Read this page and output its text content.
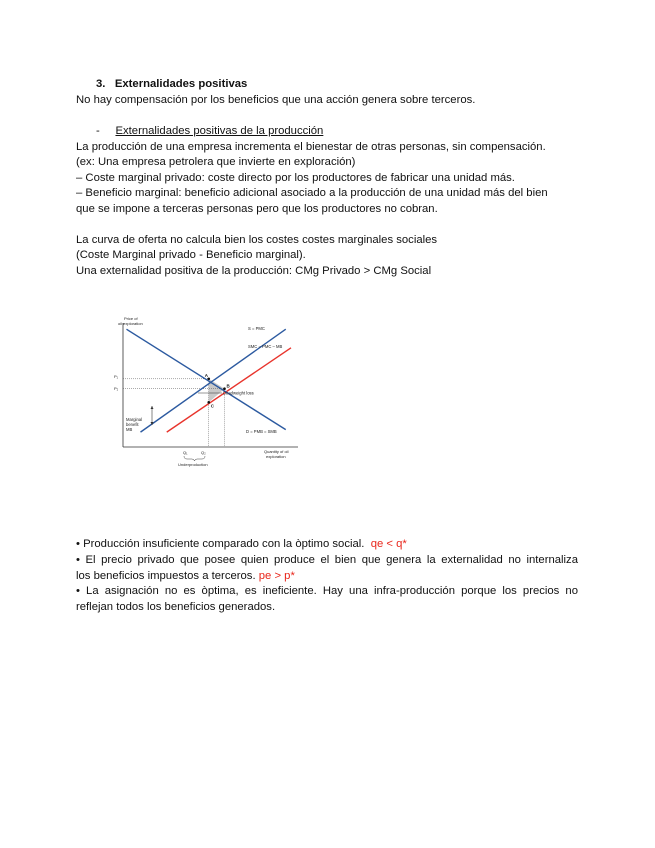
3. Externalidades positivas
No hay compensación por los beneficios que una acción genera sobre terceros.
- Externalidades positivas de la producción
La producción de una empresa incrementa el bienestar de otras personas, sin compensación.
(ex: Una empresa petrolera que invierte en exploración)
– Coste marginal privado: coste directo por los productores de fabricar una unidad más.
– Beneficio marginal: beneficio adicional asociado a la producción de una unidad más del bien
que se impone a terceras personas pero que los productores no cobran.
La curva de oferta no calcula bien los costes costes marginales sociales
(Coste Marginal privado - Beneficio marginal).
Una externalidad positiva de la producción: CMg Privado > CMg Social
Price of
oil exploration
Quantity of oil
exploration
S = PMC
SMC = PMC – MB
D = PMB = SMB
A
B
C
P₁
P₂
Q₁	Q₂
Underproduction
Deadweight loss
Marginal
benefit
MB
• Producción insuficiente comparado con la òptimo social. qe < q*
• El precio privado que posee quien produce el bien que genera la externalidad no internaliza
los beneficios impuestos a terceros. pe > p*
• La asignación no es òptima, es ineficiente. Hay una infra-producción porque los precios no
reflejan todos los beneficios generados.
